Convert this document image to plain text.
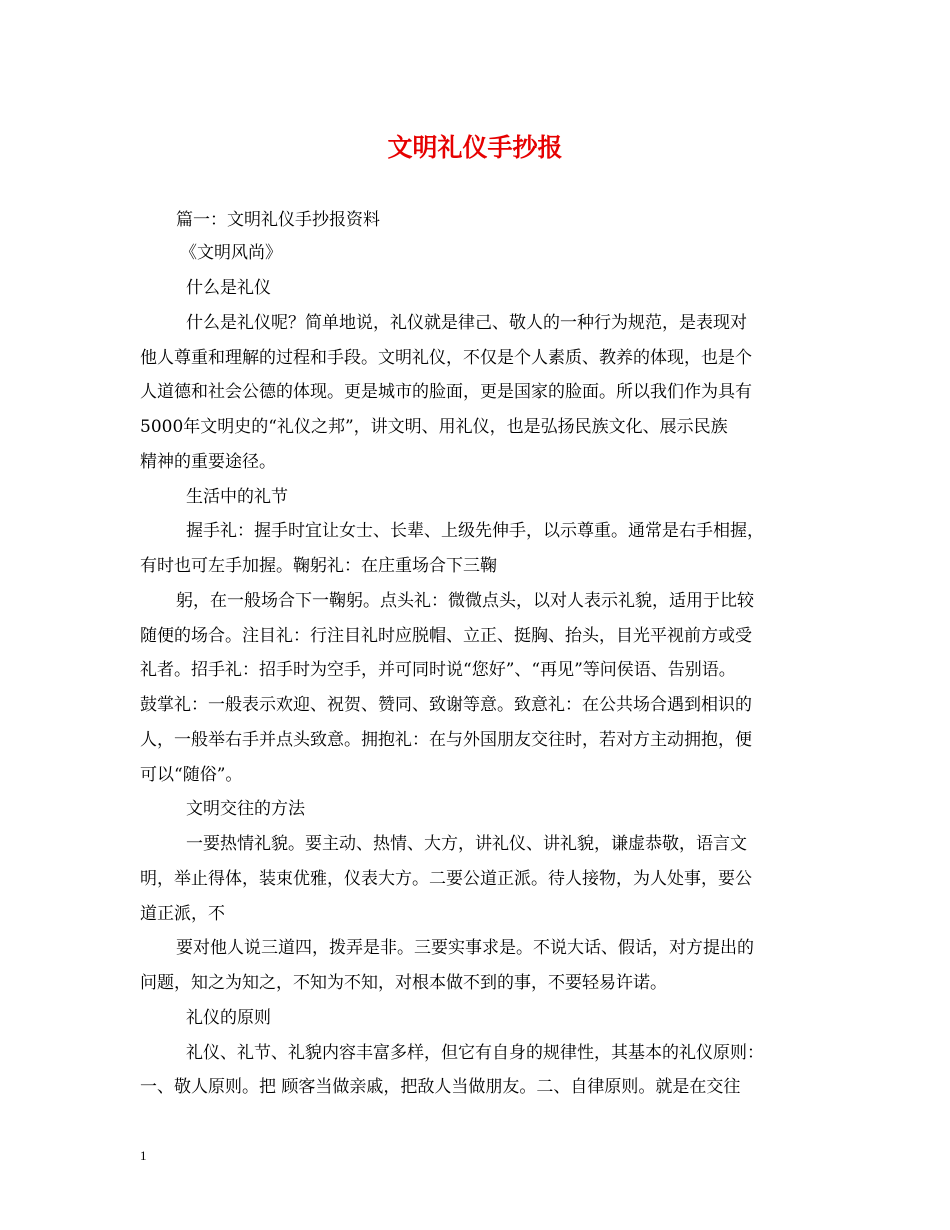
文明礼仪手抄报
篇一：文明礼仪手抄报资料
《文明风尚》
什么是礼仪
什么是礼仪呢？简单地说，礼仪就是律己、敬人的一种行为规范，是表现对
他人尊重和理解的过程和手段。文明礼仪，不仅是个人素质、教养的体现，也是个
人道德和社会公德的体现。更是城市的脸面，更是国家的脸面。所以我们作为具有
5000年文明史的“礼仪之邦”，讲文明、用礼仪，也是弘扬民族文化、展示民族
精神的重要途径。
生活中的礼节
握手礼：握手时宜让女士、长辈、上级先伸手，以示尊重。通常是右手相握，
有时也可左手加握。鞠躬礼：在庄重场合下三鞠
躬，在一般场合下一鞠躬。点头礼：微微点头，以对人表示礼貌，适用于比较
随便的场合。注目礼：行注目礼时应脱帽、立正、挺胸、抬头，目光平视前方或受
礼者。招手礼：招手时为空手，并可同时说“您好”、“再见”等问侯语、告别语。
鼓掌礼：一般表示欢迎、祝贺、赞同、致谢等意。致意礼：在公共场合遇到相识的
人，一般举右手并点头致意。拥抱礼：在与外国朋友交往时，若对方主动拥抱，便
可以“随俗”。
文明交往的方法
一要热情礼貌。要主动、热情、大方，讲礼仪、讲礼貌，谦虚恭敬，语言文
明，举止得体，装束优雅，仪表大方。二要公道正派。待人接物，为人处事，要公
道正派，不
要对他人说三道四，拨弄是非。三要实事求是。不说大话、假话，对方提出的
问题，知之为知之，不知为不知，对根本做不到的事，不要轻易许诺。
礼仪的原则
礼仪、礼节、礼貌内容丰富多样，但它有自身的规律性，其基本的礼仪原则：
一、敬人原则。把 顾客当做亲戚，把敌人当做朋友。二、自律原则。就是在交往
1
